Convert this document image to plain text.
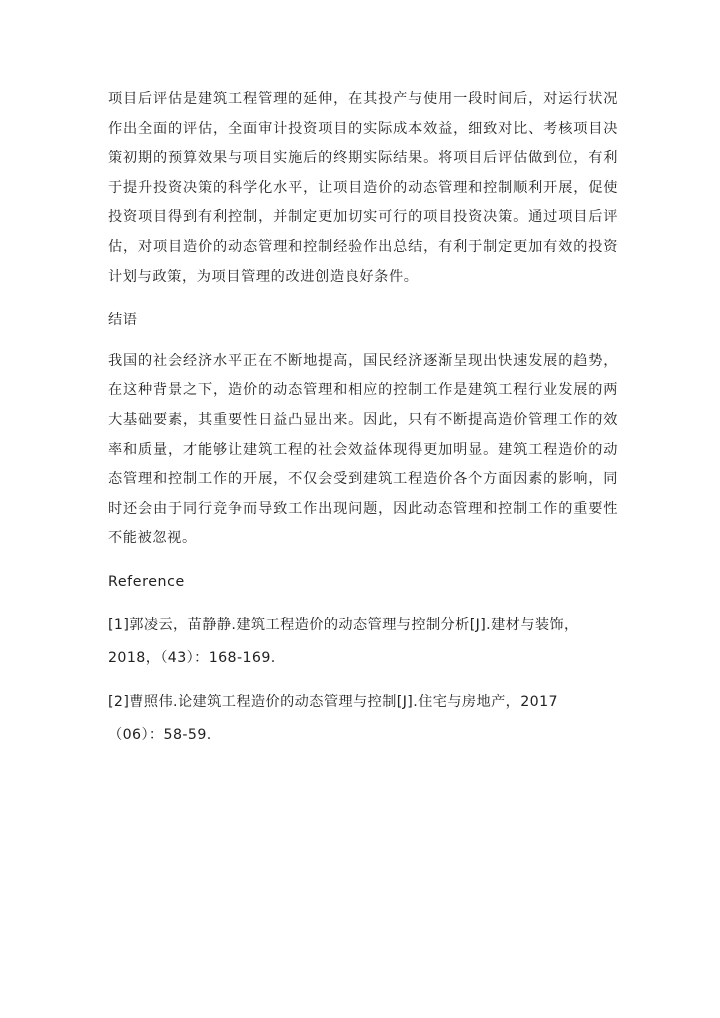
项目后评估是建筑工程管理的延伸，在其投产与使用一段时间后，对运行状况作出全面的评估，全面审计投资项目的实际成本效益，细致对比、考核项目决策初期的预算效果与项目实施后的终期实际结果。将项目后评估做到位，有利于提升投资决策的科学化水平，让项目造价的动态管理和控制顺利开展，促使投资项目得到有利控制，并制定更加切实可行的项目投资决策。通过项目后评估，对项目造价的动态管理和控制经验作出总结，有利于制定更加有效的投资计划与政策，为项目管理的改进创造良好条件。

结语

我国的社会经济水平正在不断地提高，国民经济逐渐呈现出快速发展的趋势，在这种背景之下，造价的动态管理和相应的控制工作是建筑工程行业发展的两大基础要素，其重要性日益凸显出来。因此，只有不断提高造价管理工作的效率和质量，才能够让建筑工程的社会效益体现得更加明显。建筑工程造价的动态管理和控制工作的开展，不仅会受到建筑工程造价各个方面因素的影响，同时还会由于同行竞争而导致工作出现问题，因此动态管理和控制工作的重要性不能被忽视。

Reference

[1]郭凌云，苗静静.建筑工程造价的动态管理与控制分析[J].建材与装饰，

2018，（43）：168-169.

[2]曹照伟.论建筑工程造价的动态管理与控制[J].住宅与房地产，2017

（06）：58-59.
